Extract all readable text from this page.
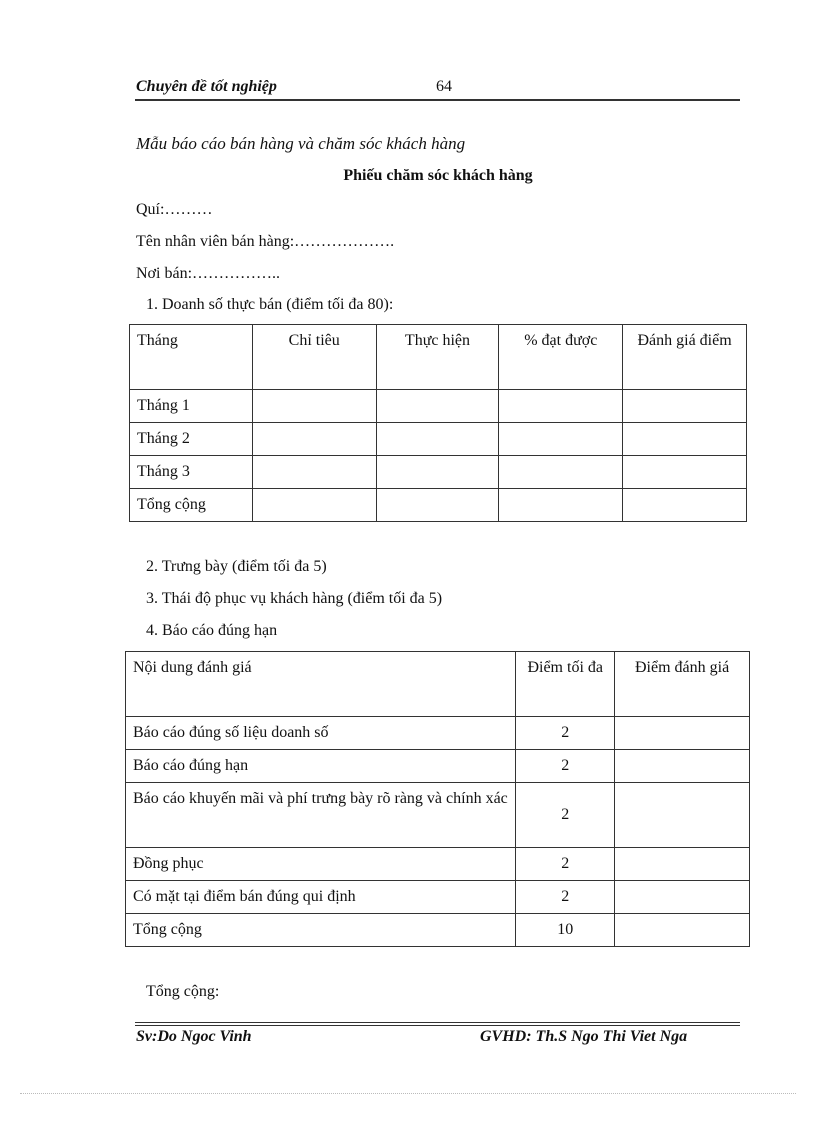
Chuyên đề tốt nghiệp	64
Mẫu báo cáo bán hàng và chăm sóc khách hàng
Phiếu chăm sóc khách hàng
Quí:………
Tên nhân viên bán hàng:……………….
Nơi bán:……………..
1. Doanh số thực bán (điểm tối đa 80):
Tháng	Chỉ tiêu	Thực hiện	% đạt được	Đánh giá điểm
Tháng 1				
Tháng 2				
Tháng 3				
Tổng cộng				
2. Trưng bày (điểm tối đa 5)
3. Thái độ phục vụ khách hàng (điểm tối đa 5)
4. Báo cáo đúng hạn
Nội dung đánh giá	Điểm tối đa	Điểm đánh giá
Báo cáo đúng số liệu doanh số	2	
Báo cáo đúng hạn	2	
Báo cáo khuyến mãi và phí trưng bày rõ ràng và chính xác	2	
Đồng phục	2	
Có mặt tại điểm bán đúng qui định	2	
Tổng cộng	10	
Tổng cộng:
Sv:Do Ngoc Vinh	GVHD: Th.S Ngo Thi Viet Nga
